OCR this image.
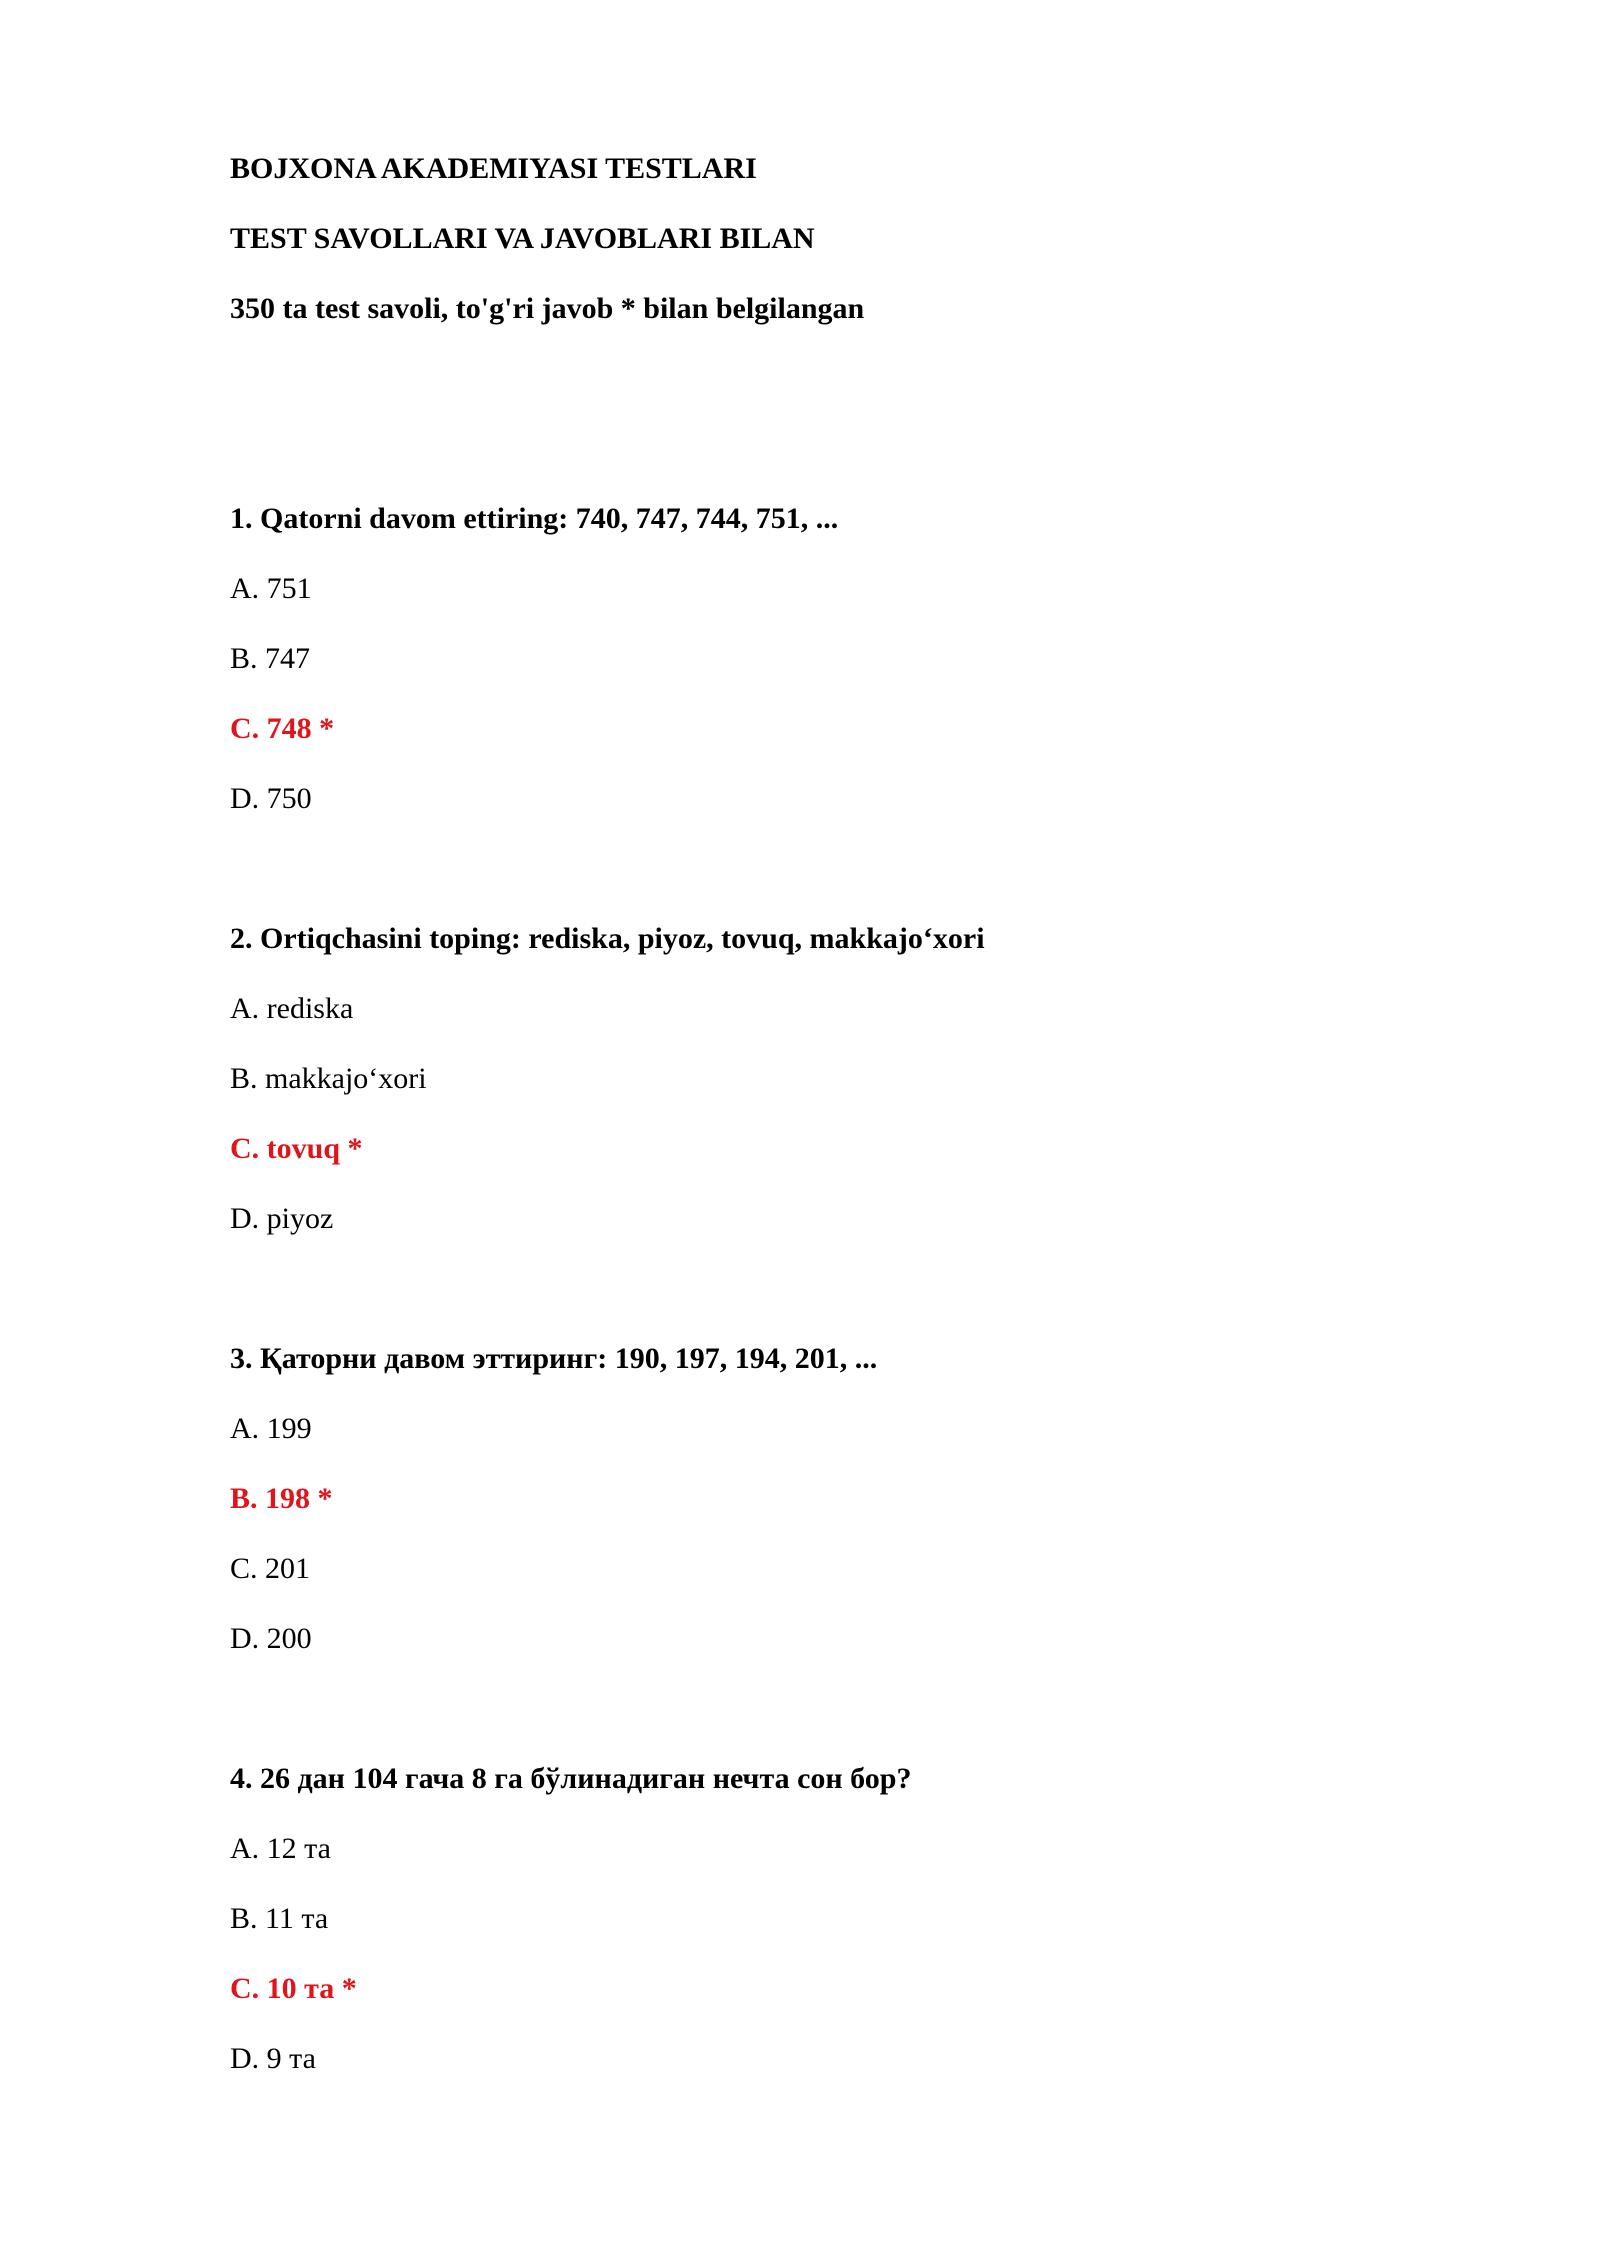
BOJXONA AKADEMIYASI TESTLARI
TEST SAVOLLARI VA JAVOBLARI BILAN
350 ta test savoli, to'g'ri javob * bilan belgilangan
1. Qatorni davom ettiring: 740, 747, 744, 751, ...
A. 751
B. 747
C. 748 *
D. 750
2. Ortiqchasini toping: rediska, piyoz, tovuq, makkajo‘xori
A. rediska
B. makkajo‘xori
C. tovuq *
D. piyoz
3. Қаторни давом эттиринг: 190, 197, 194, 201, ...
A. 199
B. 198 *
C. 201
D. 200
4. 26 дан 104 гача 8 га бўлинадиган нечта сон бор?
A. 12 та
B. 11 та
C. 10 та *
D. 9 та
